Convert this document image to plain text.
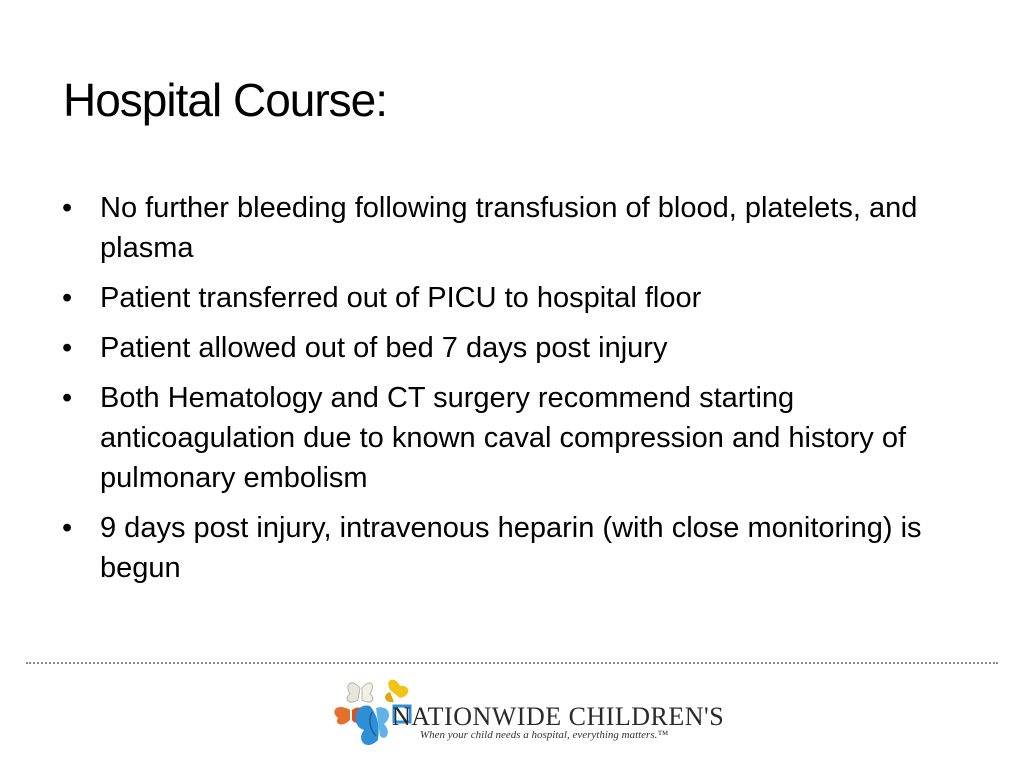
Hospital Course:
• No further bleeding following transfusion of blood, platelets, and plasma
• Patient transferred out of PICU to hospital floor
• Patient allowed out of bed 7 days post injury
• Both Hematology and CT surgery recommend starting anticoagulation due to known caval compression and history of pulmonary embolism
• 9 days post injury, intravenous heparin (with close monitoring) is begun
NATIONWIDE CHILDREN'S
When your child needs a hospital, everything matters.™
